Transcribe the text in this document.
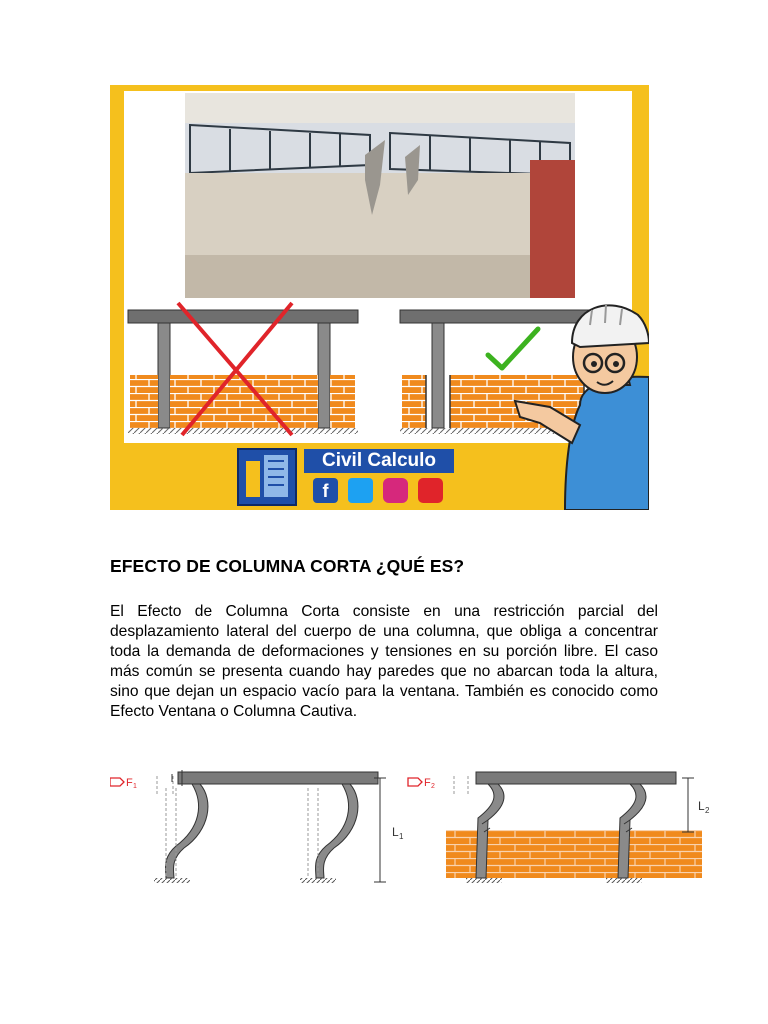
Civil Calculo
f
EFECTO DE COLUMNA CORTA ¿QUÉ ES?

El Efecto de Columna Corta consiste en una restricción parcial del desplazamiento lateral del cuerpo de una columna, que obliga a concentrar toda la demanda de deformaciones y tensiones en su porción libre. El caso más común se presenta cuando hay paredes que no abarcan toda la altura, sino que dejan un espacio vacío para la ventana. También es conocido como Efecto Ventana o Columna Cautiva.

F 1
L 1
F 2
L 2
